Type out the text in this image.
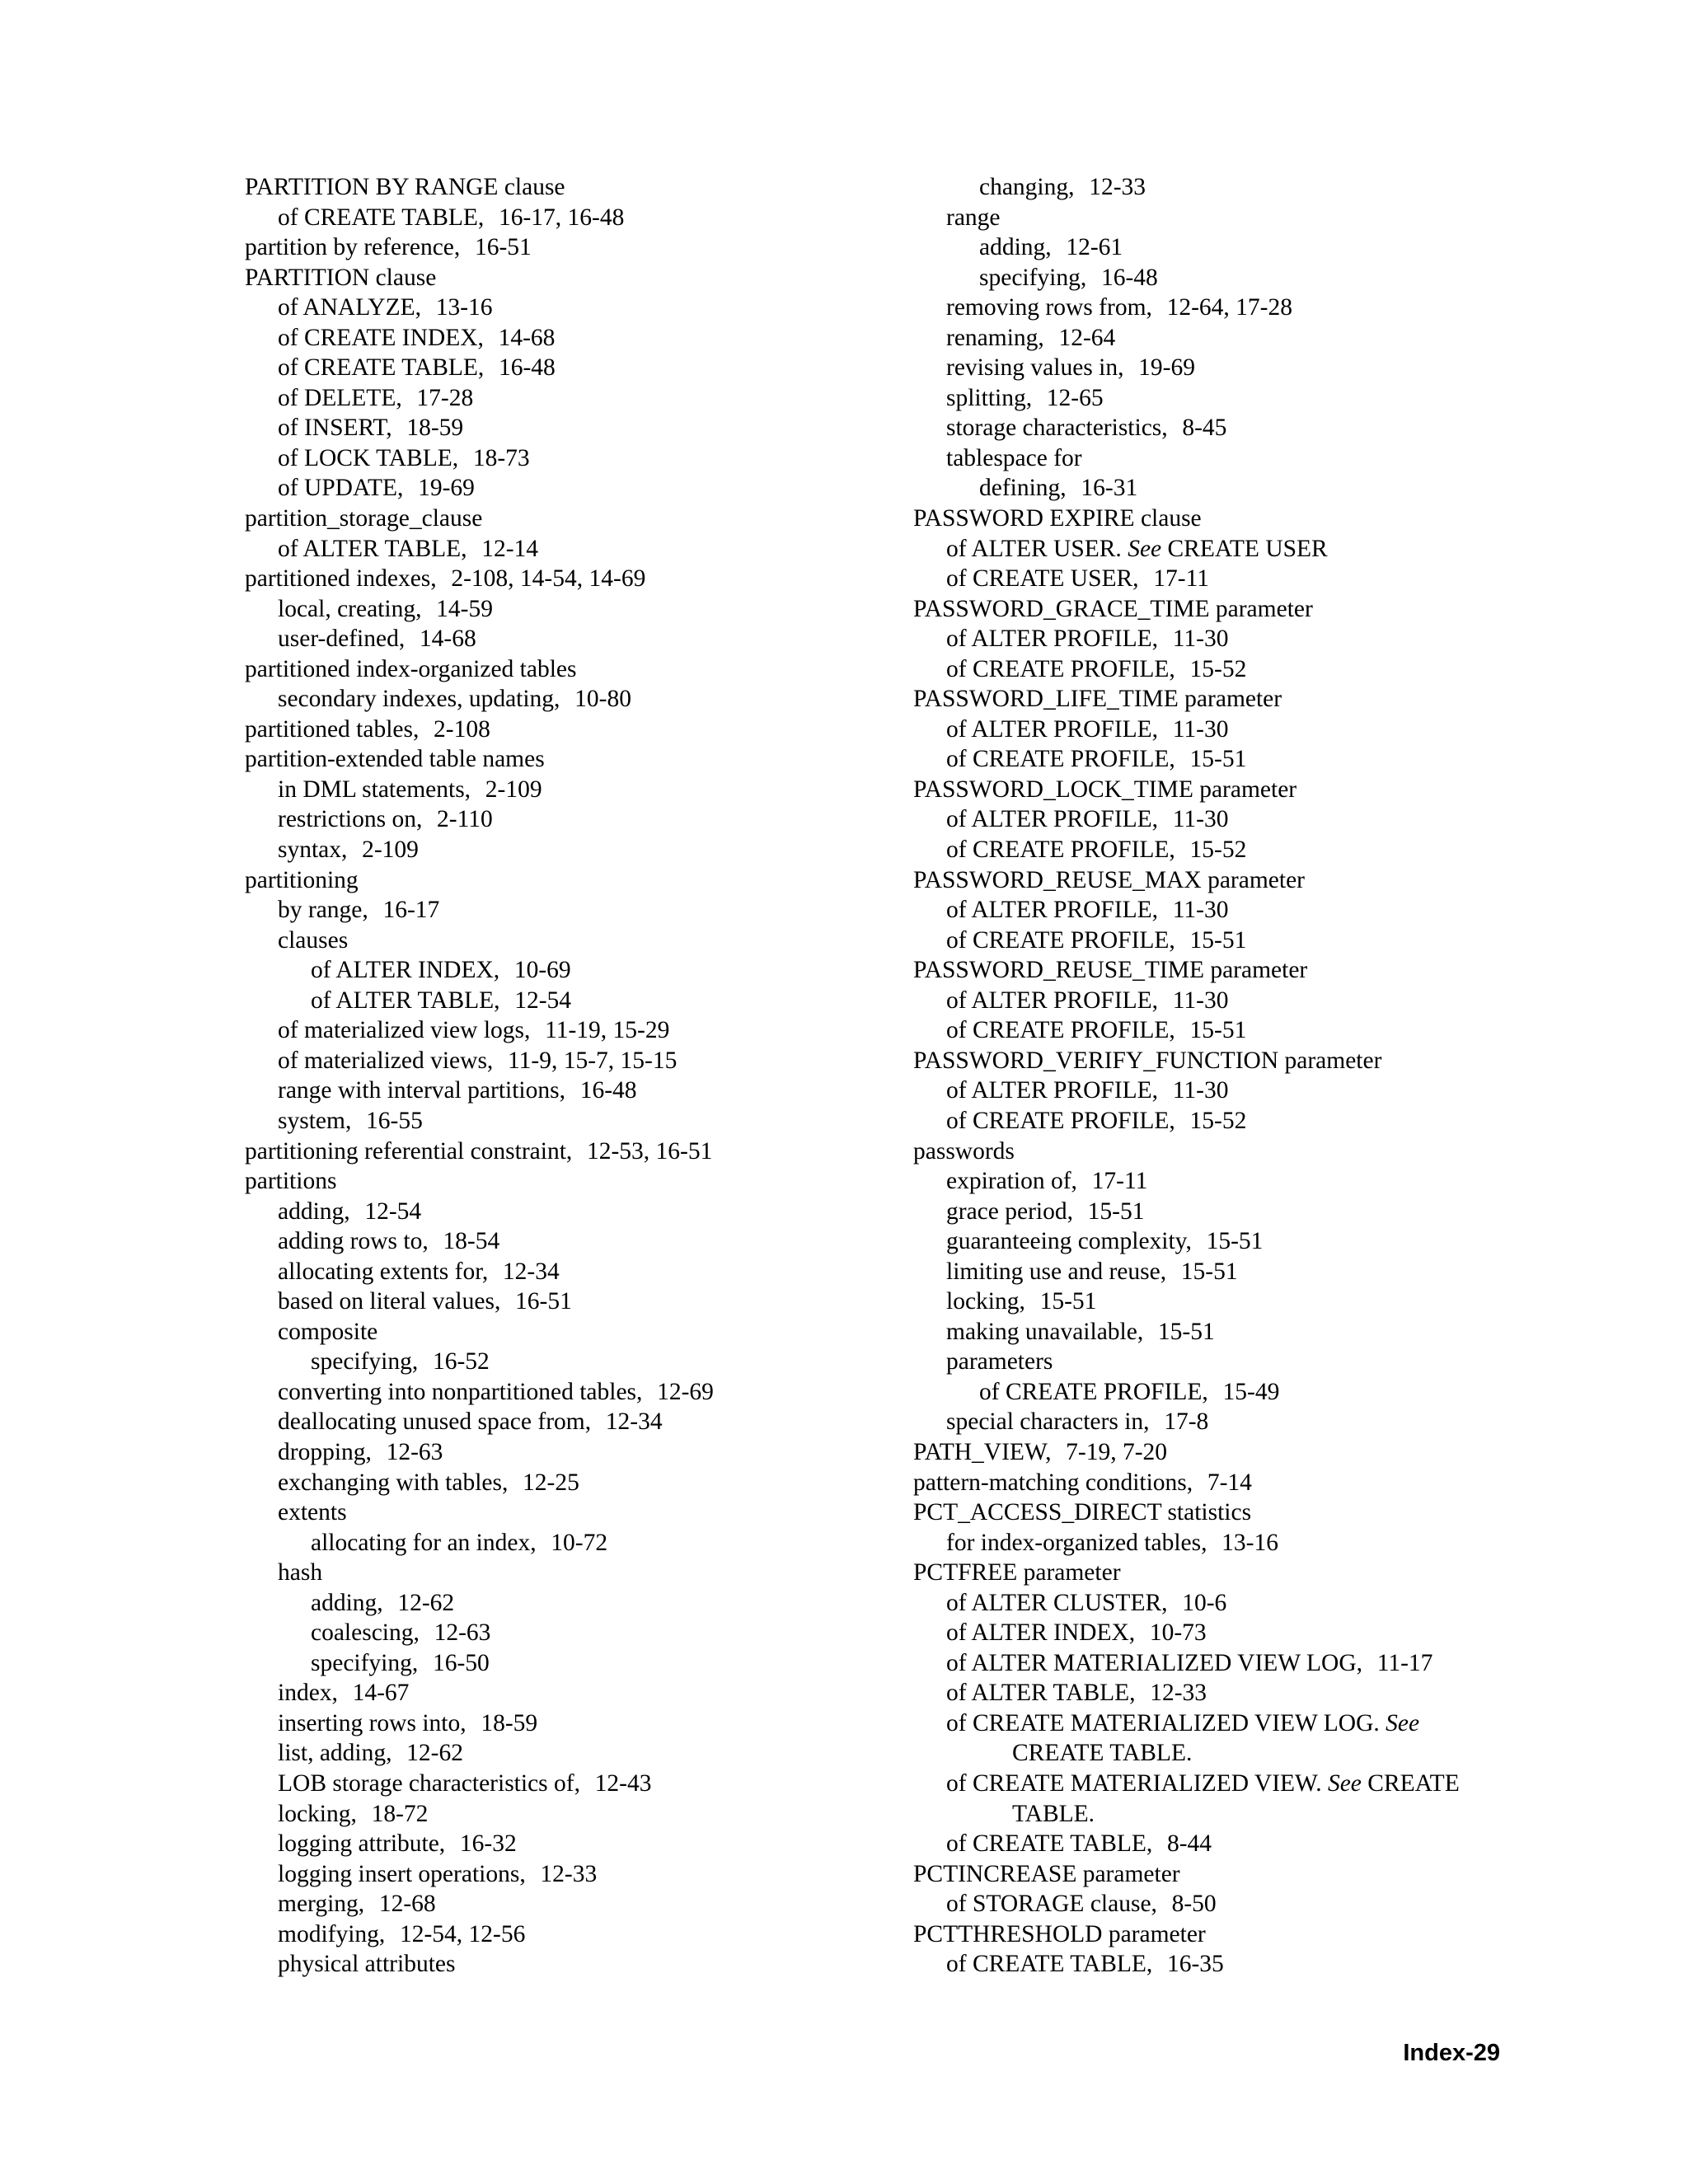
PARTITION BY RANGE clause
of CREATE TABLE, 16-17, 16-48
partition by reference, 16-51
PARTITION clause
of ANALYZE, 13-16
of CREATE INDEX, 14-68
of CREATE TABLE, 16-48
of DELETE, 17-28
of INSERT, 18-59
of LOCK TABLE, 18-73
of UPDATE, 19-69
partition_storage_clause
of ALTER TABLE, 12-14
partitioned indexes, 2-108, 14-54, 14-69
local, creating, 14-59
user-defined, 14-68
partitioned index-organized tables
secondary indexes, updating, 10-80
partitioned tables, 2-108
partition-extended table names
in DML statements, 2-109
restrictions on, 2-110
syntax, 2-109
partitioning
by range, 16-17
clauses
of ALTER INDEX, 10-69
of ALTER TABLE, 12-54
of materialized view logs, 11-19, 15-29
of materialized views, 11-9, 15-7, 15-15
range with interval partitions, 16-48
system, 16-55
partitioning referential constraint, 12-53, 16-51
partitions
adding, 12-54
adding rows to, 18-54
allocating extents for, 12-34
based on literal values, 16-51
composite
specifying, 16-52
converting into nonpartitioned tables, 12-69
deallocating unused space from, 12-34
dropping, 12-63
exchanging with tables, 12-25
extents
allocating for an index, 10-72
hash
adding, 12-62
coalescing, 12-63
specifying, 16-50
index, 14-67
inserting rows into, 18-59
list, adding, 12-62
LOB storage characteristics of, 12-43
locking, 18-72
logging attribute, 16-32
logging insert operations, 12-33
merging, 12-68
modifying, 12-54, 12-56
physical attributes
changing, 12-33
range
adding, 12-61
specifying, 16-48
removing rows from, 12-64, 17-28
renaming, 12-64
revising values in, 19-69
splitting, 12-65
storage characteristics, 8-45
tablespace for
defining, 16-31
PASSWORD EXPIRE clause
of ALTER USER. See CREATE USER
of CREATE USER, 17-11
PASSWORD_GRACE_TIME parameter
of ALTER PROFILE, 11-30
of CREATE PROFILE, 15-52
PASSWORD_LIFE_TIME parameter
of ALTER PROFILE, 11-30
of CREATE PROFILE, 15-51
PASSWORD_LOCK_TIME parameter
of ALTER PROFILE, 11-30
of CREATE PROFILE, 15-52
PASSWORD_REUSE_MAX parameter
of ALTER PROFILE, 11-30
of CREATE PROFILE, 15-51
PASSWORD_REUSE_TIME parameter
of ALTER PROFILE, 11-30
of CREATE PROFILE, 15-51
PASSWORD_VERIFY_FUNCTION parameter
of ALTER PROFILE, 11-30
of CREATE PROFILE, 15-52
passwords
expiration of, 17-11
grace period, 15-51
guaranteeing complexity, 15-51
limiting use and reuse, 15-51
locking, 15-51
making unavailable, 15-51
parameters
of CREATE PROFILE, 15-49
special characters in, 17-8
PATH_VIEW, 7-19, 7-20
pattern-matching conditions, 7-14
PCT_ACCESS_DIRECT statistics
for index-organized tables, 13-16
PCTFREE parameter
of ALTER CLUSTER, 10-6
of ALTER INDEX, 10-73
of ALTER MATERIALIZED VIEW LOG, 11-17
of ALTER TABLE, 12-33
of CREATE MATERIALIZED VIEW LOG. See
CREATE TABLE.
of CREATE MATERIALIZED VIEW. See CREATE
TABLE.
of CREATE TABLE, 8-44
PCTINCREASE parameter
of STORAGE clause, 8-50
PCTTHRESHOLD parameter
of CREATE TABLE, 16-35
Index-29
